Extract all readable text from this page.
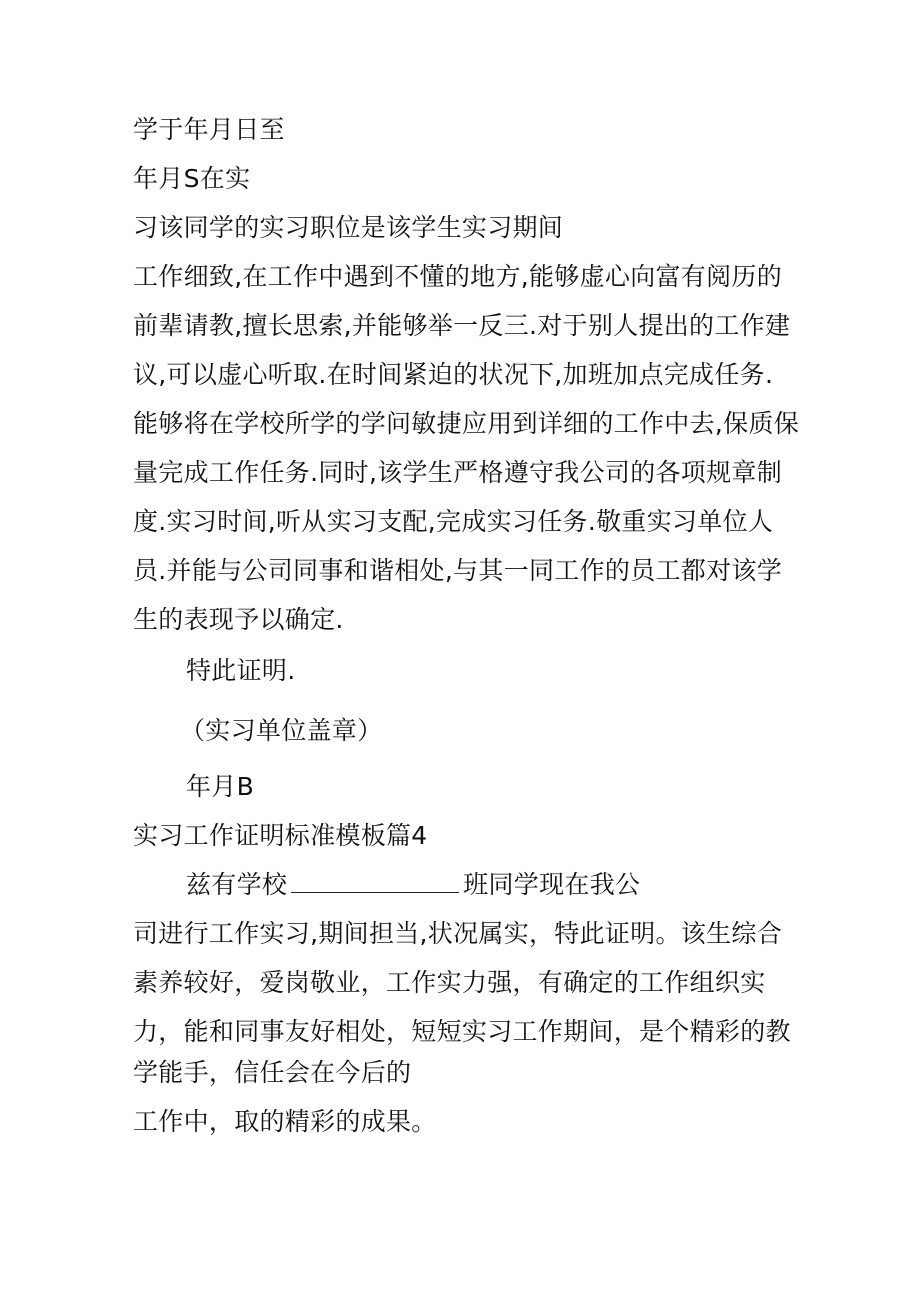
学于年月日至
年月S在实
习该同学的实习职位是该学生实习期间
工作细致,在工作中遇到不懂的地方,能够虚心向富有阅历的
前辈请教,擅长思索,并能够举一反三.对于别人提出的工作建
议,可以虚心听取.在时间紧迫的状况下,加班加点完成任务.
能够将在学校所学的学问敏捷应用到详细的工作中去,保质保
量完成工作任务.同时,该学生严格遵守我公司的各项规章制
度.实习时间,听从实习支配,完成实习任务.敬重实习单位人
员.并能与公司同事和谐相处,与其一同工作的员工都对该学
生的表现予以确定.
特此证明.
（实习单位盖章）
年月B
实习工作证明标准模板篇4
兹有学校	班同学现在我公
司进行工作实习,期间担当,状况属实，特此证明。该生综合
素养较好，爱岗敬业，工作实力强，有确定的工作组织实
力，能和同事友好相处，短短实习工作期间，是个精彩的教
学能手，信任会在今后的
工作中，取的精彩的成果。
